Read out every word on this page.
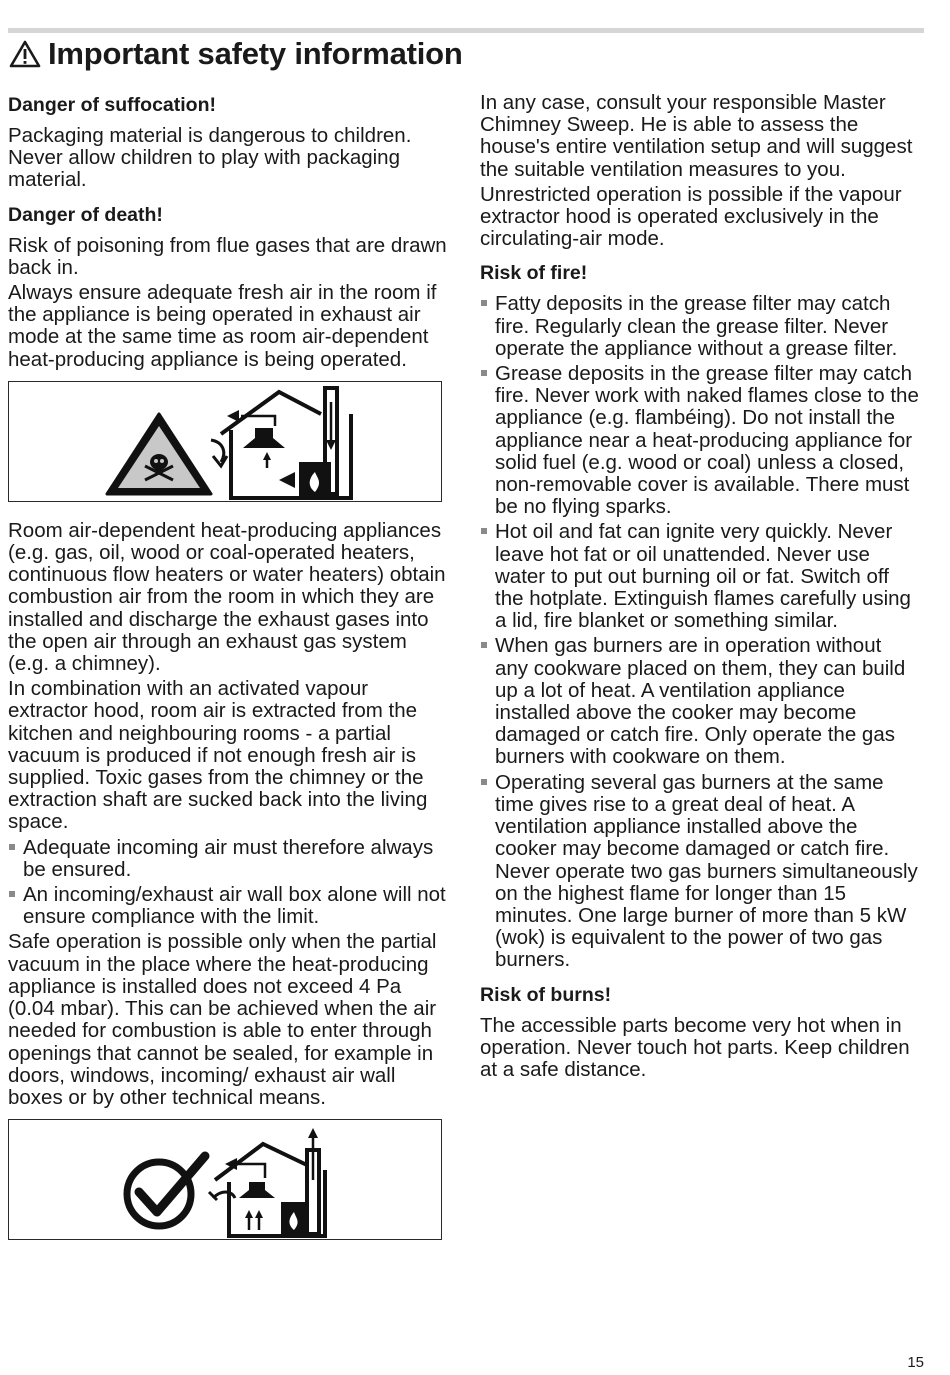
Important safety information
Danger of suffocation!

Packaging material is dangerous to children. Never allow children to play with packaging material.

Danger of death!

Risk of poisoning from flue gases that are drawn back in.

Always ensure adequate fresh air in the room if the appliance is being operated in exhaust air mode at the same time as room air-dependent heat-producing appliance is being operated.

Room air-dependent heat-producing appliances (e.g. gas, oil, wood or coal-operated heaters, continuous flow heaters or water heaters) obtain combustion air from the room in which they are installed and discharge the exhaust gases into the open air through an exhaust gas system (e.g. a chimney).

In combination with an activated vapour extractor hood, room air is extracted from the kitchen and neighbouring rooms - a partial vacuum is produced if not enough fresh air is supplied. Toxic gases from the chimney or the extraction shaft are sucked back into the living space.

Adequate incoming air must therefore always be ensured.
An incoming/exhaust air wall box alone will not ensure compliance with the limit.

Safe operation is possible only when the partial vacuum in the place where the heat-producing appliance is installed does not exceed 4 Pa (0.04 mbar). This can be achieved when the air needed for combustion is able to enter through openings that cannot be sealed, for example in doors, windows, incoming/ exhaust air wall boxes or by other technical means.

In any case, consult your responsible Master Chimney Sweep. He is able to assess the house's entire ventilation setup and will suggest the suitable ventilation measures to you.

Unrestricted operation is possible if the vapour extractor hood is operated exclusively in the circulating-air mode.

Risk of fire!
Fatty deposits in the grease filter may catch fire. Regularly clean the grease filter. Never operate the appliance without a grease filter.
Grease deposits in the grease filter may catch fire. Never work with naked flames close to the appliance (e.g. flambéing). Do not install the appliance near a heat-producing appliance for solid fuel (e.g. wood or coal) unless a closed, non-removable cover is available. There must be no flying sparks.
Hot oil and fat can ignite very quickly. Never leave hot fat or oil unattended. Never use water to put out burning oil or fat. Switch off the hotplate. Extinguish flames carefully using a lid, fire blanket or something similar.
When gas burners are in operation without any cookware placed on them, they can build up a lot of heat. A ventilation appliance installed above the cooker may become damaged or catch fire. Only operate the gas burners with cookware on them.
Operating several gas burners at the same time gives rise to a great deal of heat. A ventilation appliance installed above the cooker may become damaged or catch fire. Never operate two gas burners simultaneously on the highest flame for longer than 15 minutes. One large burner of more than 5 kW (wok) is equivalent to the power of two gas burners.
Risk of burns!

The accessible parts become very hot when in operation. Never touch hot parts. Keep children at a safe distance.

15
